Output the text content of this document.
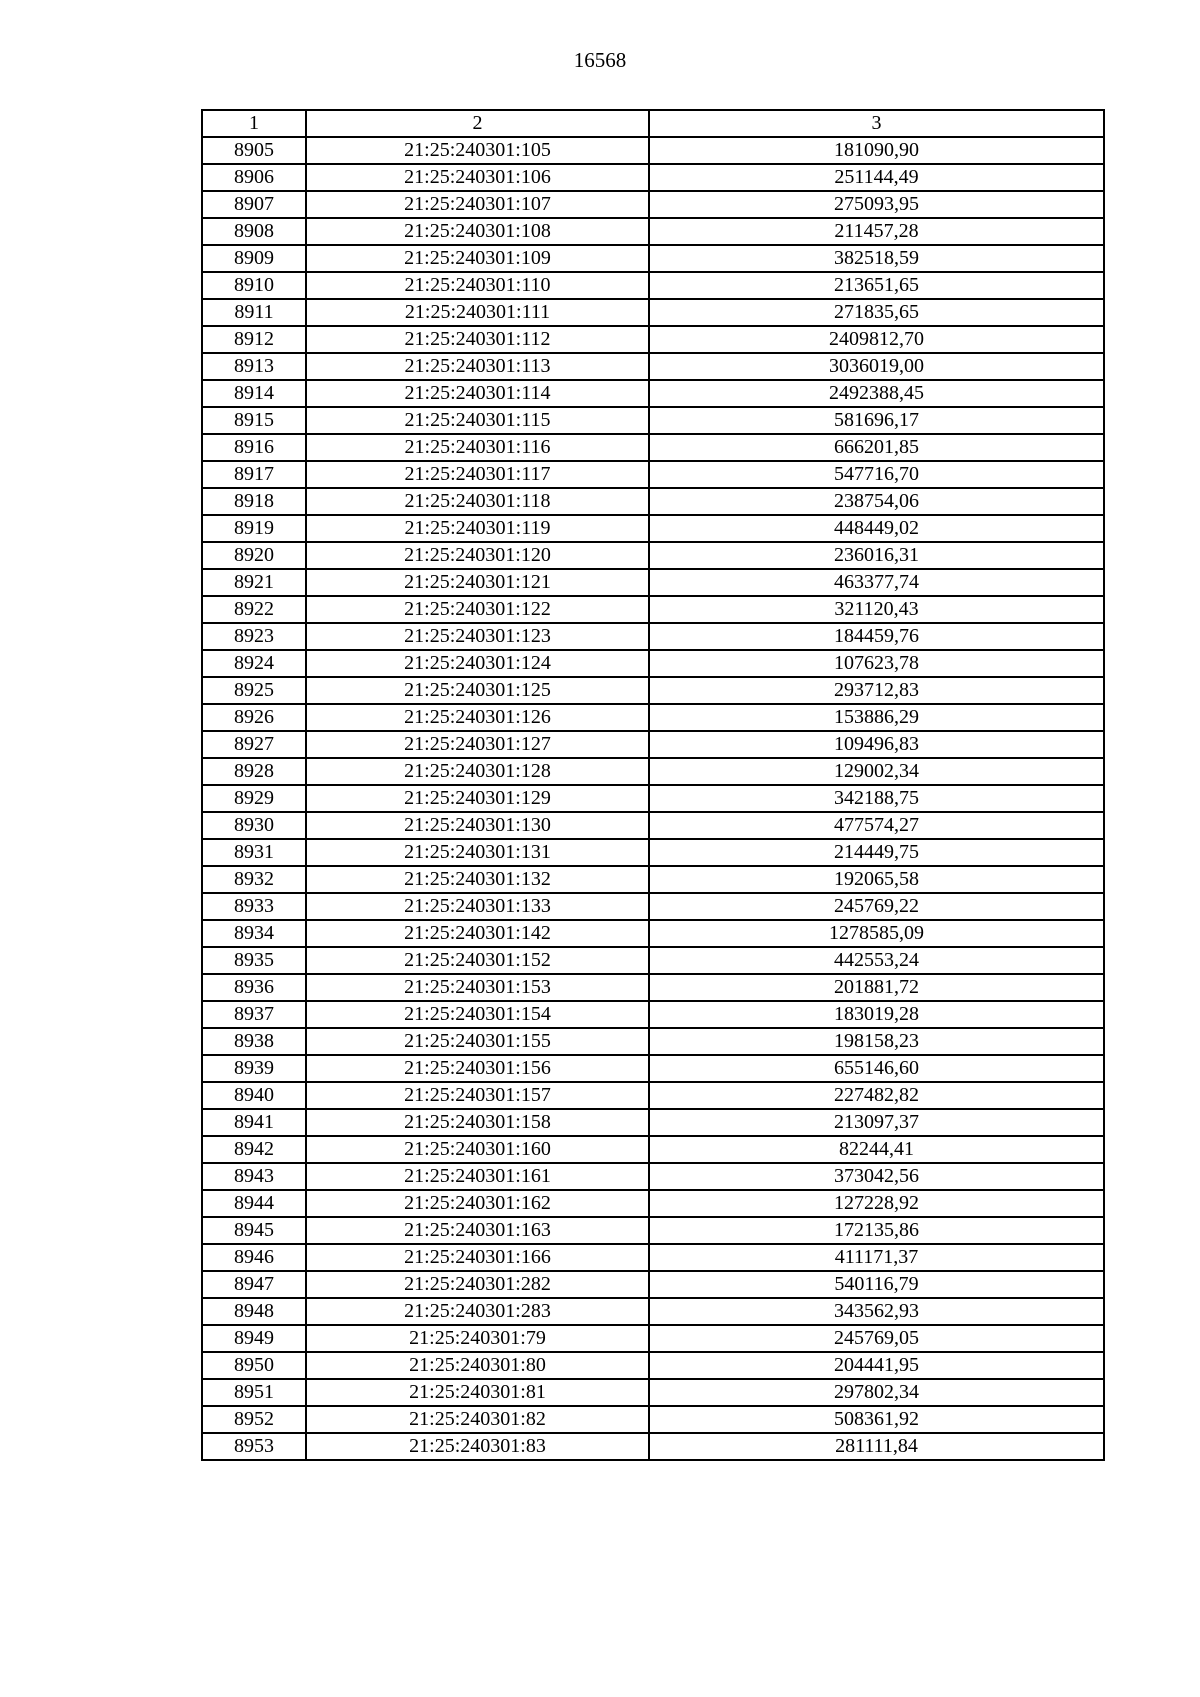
16568
1	2	3
8905	21:25:240301:105	181090,90
8906	21:25:240301:106	251144,49
8907	21:25:240301:107	275093,95
8908	21:25:240301:108	211457,28
8909	21:25:240301:109	382518,59
8910	21:25:240301:110	213651,65
8911	21:25:240301:111	271835,65
8912	21:25:240301:112	2409812,70
8913	21:25:240301:113	3036019,00
8914	21:25:240301:114	2492388,45
8915	21:25:240301:115	581696,17
8916	21:25:240301:116	666201,85
8917	21:25:240301:117	547716,70
8918	21:25:240301:118	238754,06
8919	21:25:240301:119	448449,02
8920	21:25:240301:120	236016,31
8921	21:25:240301:121	463377,74
8922	21:25:240301:122	321120,43
8923	21:25:240301:123	184459,76
8924	21:25:240301:124	107623,78
8925	21:25:240301:125	293712,83
8926	21:25:240301:126	153886,29
8927	21:25:240301:127	109496,83
8928	21:25:240301:128	129002,34
8929	21:25:240301:129	342188,75
8930	21:25:240301:130	477574,27
8931	21:25:240301:131	214449,75
8932	21:25:240301:132	192065,58
8933	21:25:240301:133	245769,22
8934	21:25:240301:142	1278585,09
8935	21:25:240301:152	442553,24
8936	21:25:240301:153	201881,72
8937	21:25:240301:154	183019,28
8938	21:25:240301:155	198158,23
8939	21:25:240301:156	655146,60
8940	21:25:240301:157	227482,82
8941	21:25:240301:158	213097,37
8942	21:25:240301:160	82244,41
8943	21:25:240301:161	373042,56
8944	21:25:240301:162	127228,92
8945	21:25:240301:163	172135,86
8946	21:25:240301:166	411171,37
8947	21:25:240301:282	540116,79
8948	21:25:240301:283	343562,93
8949	21:25:240301:79	245769,05
8950	21:25:240301:80	204441,95
8951	21:25:240301:81	297802,34
8952	21:25:240301:82	508361,92
8953	21:25:240301:83	281111,84
